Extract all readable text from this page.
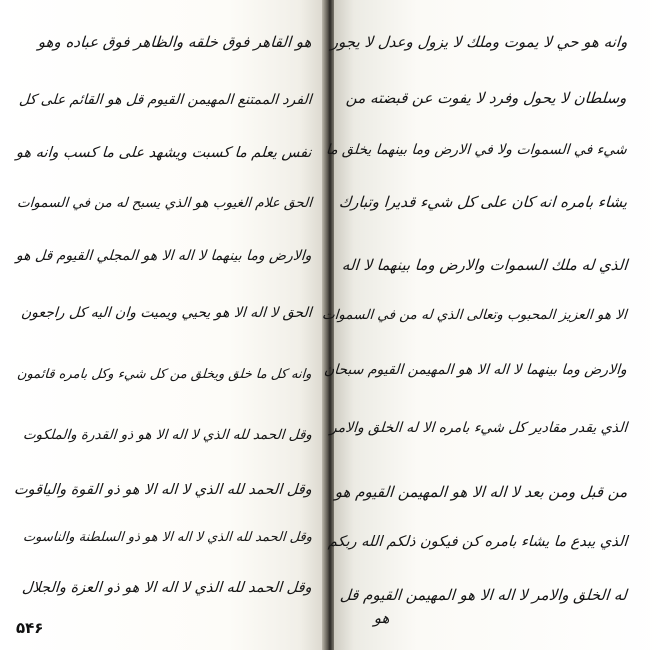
هو القاهر فوق خلقه والظاهر فوق عباده وهو
الفرد الممتنع المهيمن القيوم قل هو القائم على كل
نفس يعلم ما كسبت ويشهد على ما كسب وانه هو
الحق علام الغيوب هو الذي يسبح له من في السموات
والارض وما بينهما لا اله الا هو المجلي القيوم قل هو
الحق لا اله الا هو يحيي ويميت وان اليه كل راجعون
وانه كل ما خلق ويخلق من كل شيء وكل بامره قائمون
وقل الحمد لله الذي لا اله الا هو ذو القدرة والملكوت
وقل الحمد لله الذي لا اله الا هو ذو القوة والياقوت
وقل الحمد لله الذي لا اله الا هو ذو السلطنة والناسوت
وقل الحمد لله الذي لا اله الا هو ذو العزة والجلال
وانه هو حي لا يموت وملك لا يزول وعدل لا يجور
وسلطان لا يحول وفرد لا يفوت عن قبضته من
شيء في السموات ولا في الارض وما بينهما يخلق ما
يشاء بامره انه كان على كل شيء قديرا وتبارك
الذي له ملك السموات والارض وما بينهما لا اله
الا هو العزيز المحبوب وتعالى الذي له من في السموات
والارض وما بينهما لا اله الا هو المهيمن القيوم سبحان
الذي يقدر مقادير كل شيء بامره الا له الخلق والامر
من قبل ومن بعد لا اله الا هو المهيمن القيوم هو
الذي يبدع ما يشاء بامره كن فيكون ذلكم الله ربكم
له الخلق والامر لا اله الا هو المهيمن القيوم قل
هو
۵۴۶
